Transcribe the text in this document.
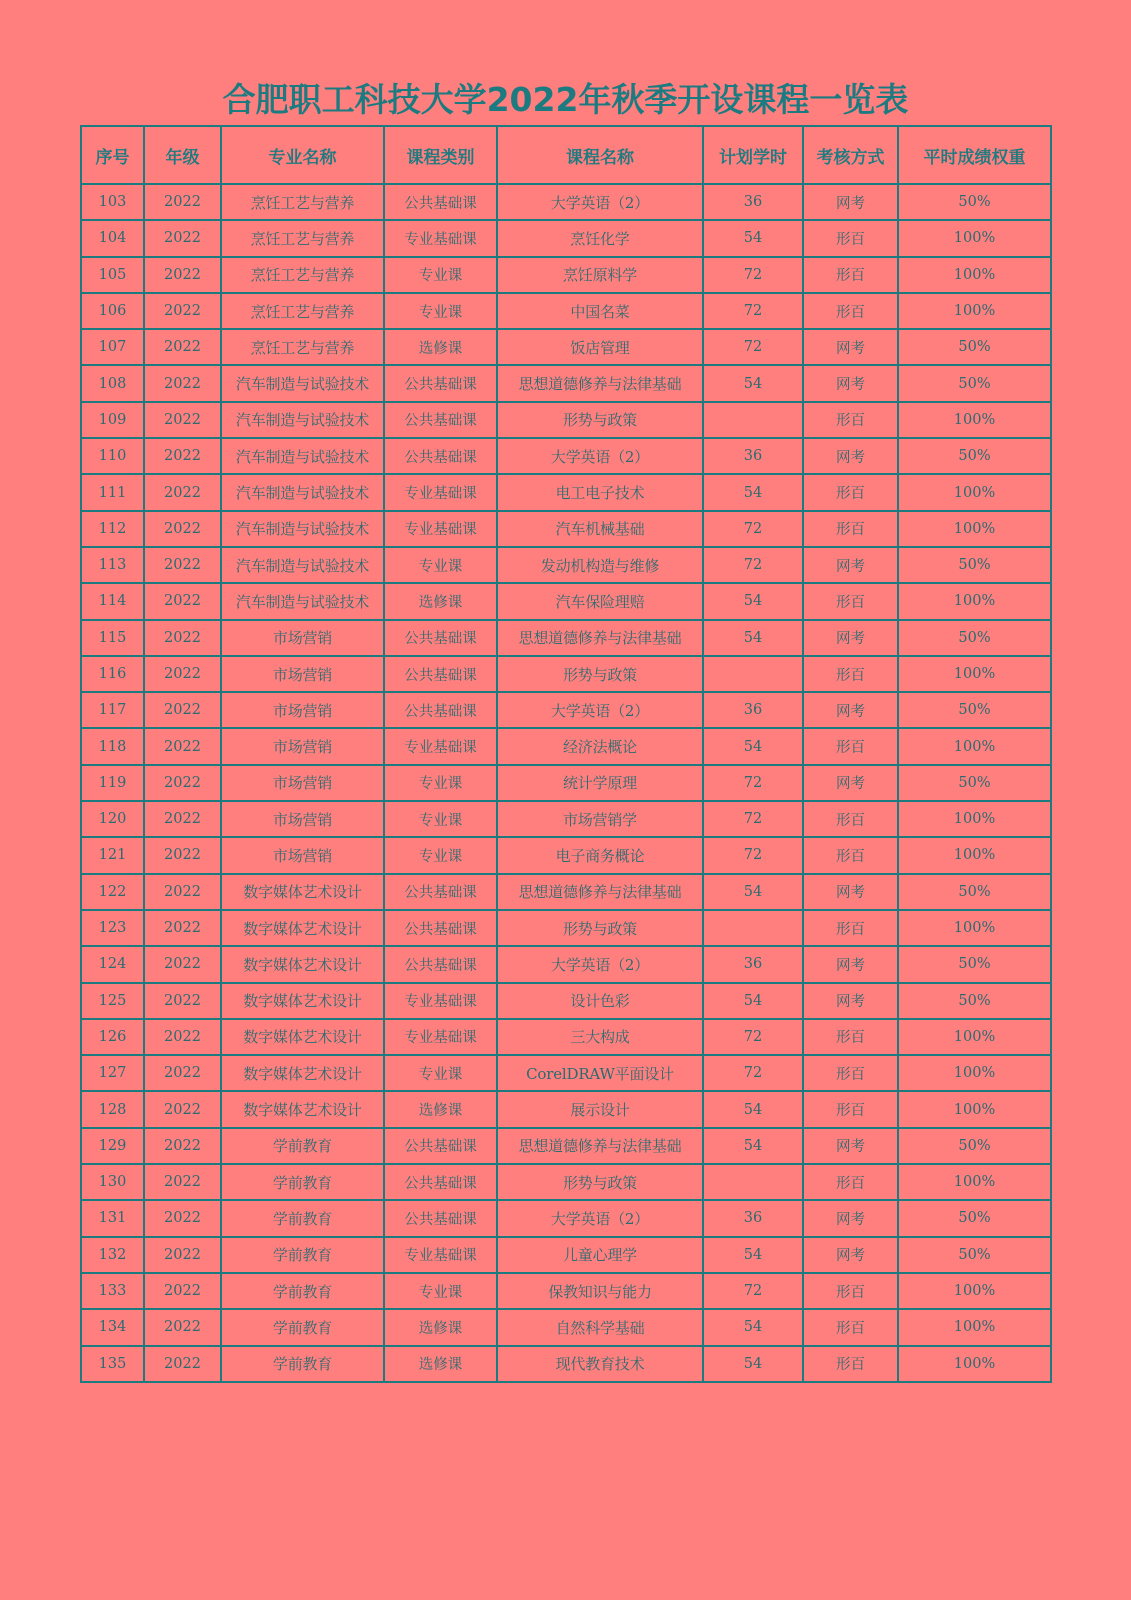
合肥职工科技大学2022年秋季开设课程一览表
序号	年级	专业名称	课程类别	课程名称	计划学时	考核方式	平时成绩权重
103	2022	烹饪工艺与营养	公共基础课	大学英语（2）	36	网考	50%
104	2022	烹饪工艺与营养	专业基础课	烹饪化学	54	形百	100%
105	2022	烹饪工艺与营养	专业课	烹饪原料学	72	形百	100%
106	2022	烹饪工艺与营养	专业课	中国名菜	72	形百	100%
107	2022	烹饪工艺与营养	选修课	饭店管理	72	网考	50%
108	2022	汽车制造与试验技术	公共基础课	思想道德修养与法律基础	54	网考	50%
109	2022	汽车制造与试验技术	公共基础课	形势与政策		形百	100%
110	2022	汽车制造与试验技术	公共基础课	大学英语（2）	36	网考	50%
111	2022	汽车制造与试验技术	专业基础课	电工电子技术	54	形百	100%
112	2022	汽车制造与试验技术	专业基础课	汽车机械基础	72	形百	100%
113	2022	汽车制造与试验技术	专业课	发动机构造与维修	72	网考	50%
114	2022	汽车制造与试验技术	选修课	汽车保险理赔	54	形百	100%
115	2022	市场营销	公共基础课	思想道德修养与法律基础	54	网考	50%
116	2022	市场营销	公共基础课	形势与政策		形百	100%
117	2022	市场营销	公共基础课	大学英语（2）	36	网考	50%
118	2022	市场营销	专业基础课	经济法概论	54	形百	100%
119	2022	市场营销	专业课	统计学原理	72	网考	50%
120	2022	市场营销	专业课	市场营销学	72	形百	100%
121	2022	市场营销	专业课	电子商务概论	72	形百	100%
122	2022	数字媒体艺术设计	公共基础课	思想道德修养与法律基础	54	网考	50%
123	2022	数字媒体艺术设计	公共基础课	形势与政策		形百	100%
124	2022	数字媒体艺术设计	公共基础课	大学英语（2）	36	网考	50%
125	2022	数字媒体艺术设计	专业基础课	设计色彩	54	网考	50%
126	2022	数字媒体艺术设计	专业基础课	三大构成	72	形百	100%
127	2022	数字媒体艺术设计	专业课	CorelDRAW平面设计	72	形百	100%
128	2022	数字媒体艺术设计	选修课	展示设计	54	形百	100%
129	2022	学前教育	公共基础课	思想道德修养与法律基础	54	网考	50%
130	2022	学前教育	公共基础课	形势与政策		形百	100%
131	2022	学前教育	公共基础课	大学英语（2）	36	网考	50%
132	2022	学前教育	专业基础课	儿童心理学	54	网考	50%
133	2022	学前教育	专业课	保教知识与能力	72	形百	100%
134	2022	学前教育	选修课	自然科学基础	54	形百	100%
135	2022	学前教育	选修课	现代教育技术	54	形百	100%
